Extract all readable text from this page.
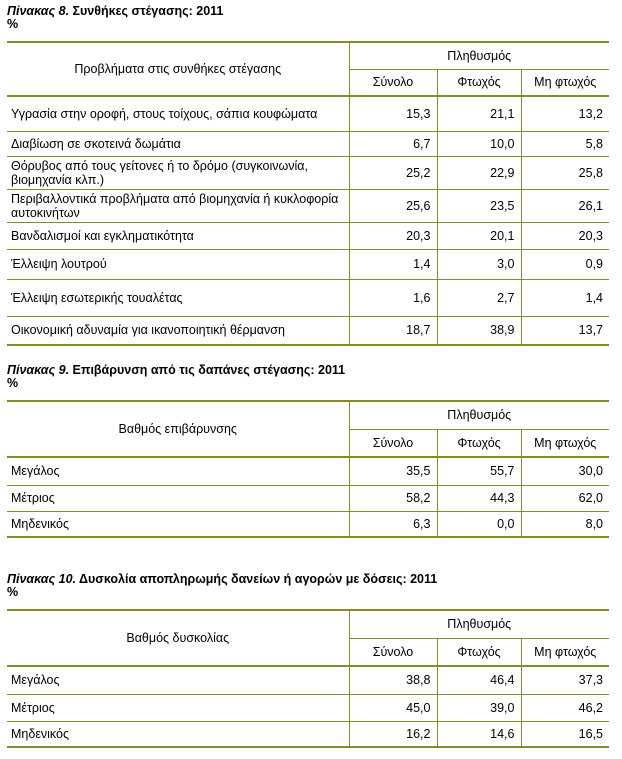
Πίνακας 8. Συνθήκες στέγασης: 2011

%

Προβλήματα στις συνθήκες στέγασης	Πληθυσμός		
	Σύνολο	Φτωχός	Μη φτωχός
Υγρασία στην οροφή, στους τοίχους, σάπια κουφώματα	15,3	21,1	13,2
Διαβίωση σε σκοτεινά δωμάτια	6,7	10,0	5,8
Θόρυβος από τους γείτονες ή το δρόμο (συγκοινωνία, βιομηχανία κλπ.)	25,2	22,9	25,8
Περιβαλλοντικά προβλήματα από βιομηχανία ή κυκλοφορία αυτοκινήτων	25,6	23,5	26,1
Βανδαλισμοί και εγκληματικότητα	20,3	20,1	20,3
Έλλειψη λουτρού	1,4	3,0	0,9
Έλλειψη εσωτερικής τουαλέτας	1,6	2,7	1,4
Οικονομική αδυναμία για ικανοποιητική θέρμανση	18,7	38,9	13,7

Πίνακας 9. Επιβάρυνση από τις δαπάνες στέγασης: 2011

%

Βαθμός επιβάρυνσης	Πληθυσμός		
	Σύνολο	Φτωχός	Μη φτωχός
Μεγάλος	35,5	55,7	30,0
Μέτριος	58,2	44,3	62,0
Μηδενικός	6,3	0,0	8,0

Πίνακας 10. Δυσκολία αποπληρωμής δανείων ή αγορών με δόσεις: 2011

%

Βαθμός δυσκολίας	Πληθυσμός		
	Σύνολο	Φτωχός	Μη φτωχός
Μεγάλος	38,8	46,4	37,3
Μέτριος	45,0	39,0	46,2
Μηδενικός	16,2	14,6	16,5
